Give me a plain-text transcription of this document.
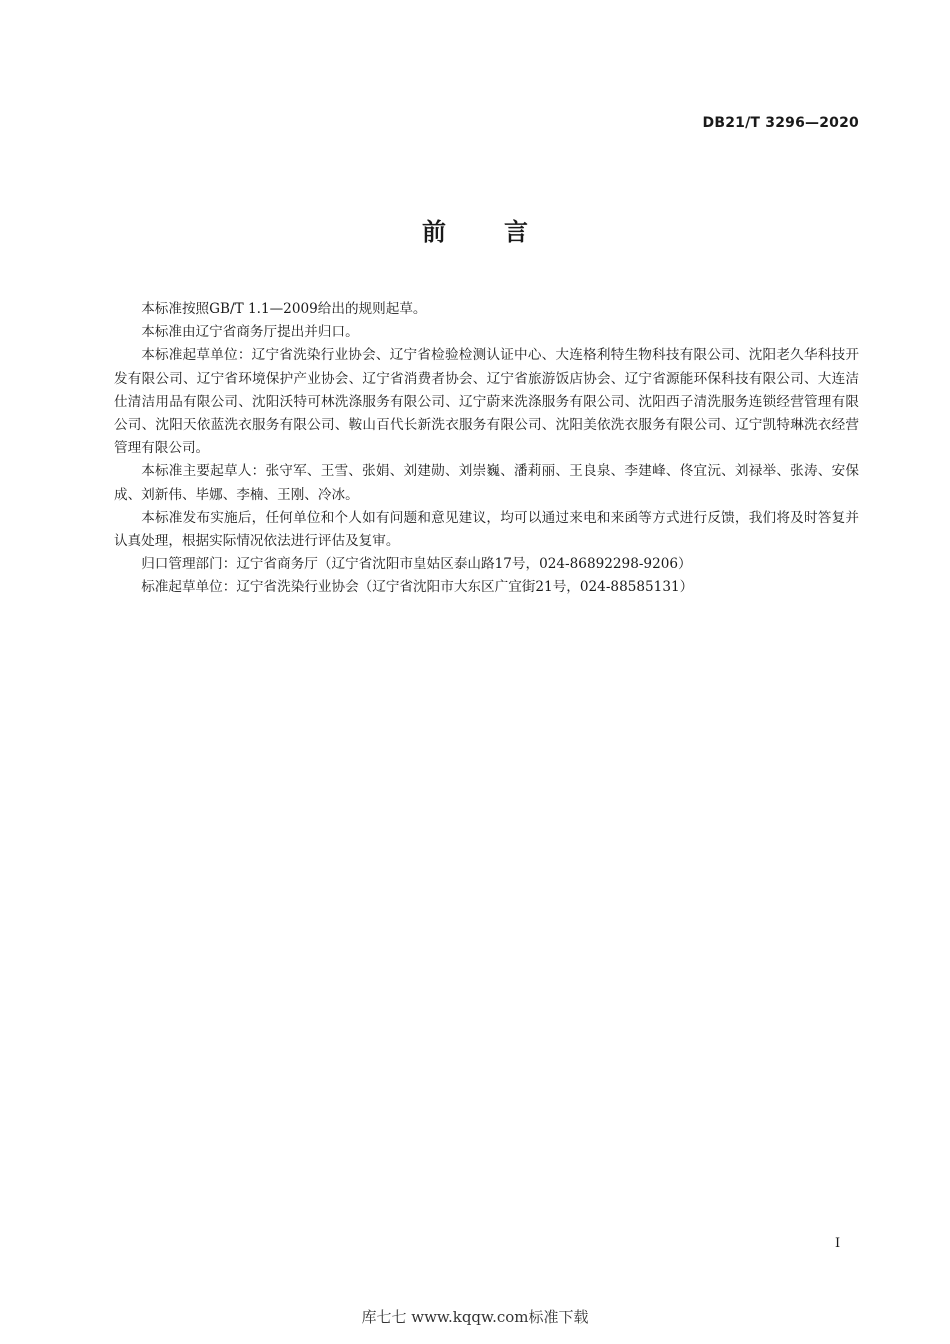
DB21/T 3296—2020
前言

本标准按照GB/T 1.1—2009给出的规则起草。

本标准由辽宁省商务厅提出并归口。

本标准起草单位：辽宁省洗染行业协会、辽宁省检验检测认证中心、大连格利特生物科技有限公司、沈阳老久华科技开发有限公司、辽宁省环境保护产业协会、辽宁省消费者协会、辽宁省旅游饭店协会、辽宁省源能环保科技有限公司、大连洁仕清洁用品有限公司、沈阳沃特可林洗涤服务有限公司、辽宁蔚来洗涤服务有限公司、沈阳西子清洗服务连锁经营管理有限公司、沈阳天依蓝洗衣服务有限公司、鞍山百代长新洗衣服务有限公司、沈阳美依洗衣服务有限公司、辽宁凯特琳洗衣经营管理有限公司。

本标准主要起草人：张守军、王雪、张娟、刘建勋、刘崇巍、潘莉丽、王良泉、李建峰、佟宜沅、刘禄举、张涛、安保成、刘新伟、毕娜、李楠、王刚、冷冰。

本标准发布实施后，任何单位和个人如有问题和意见建议，均可以通过来电和来函等方式进行反馈，我们将及时答复并认真处理，根据实际情况依法进行评估及复审。

归口管理部门：辽宁省商务厅（辽宁省沈阳市皇姑区泰山路17号，024-86892298-9206）

标准起草单位：辽宁省洗染行业协会（辽宁省沈阳市大东区广宜街21号，024-88585131）

I
库七七 www.kqqw.com标准下载
